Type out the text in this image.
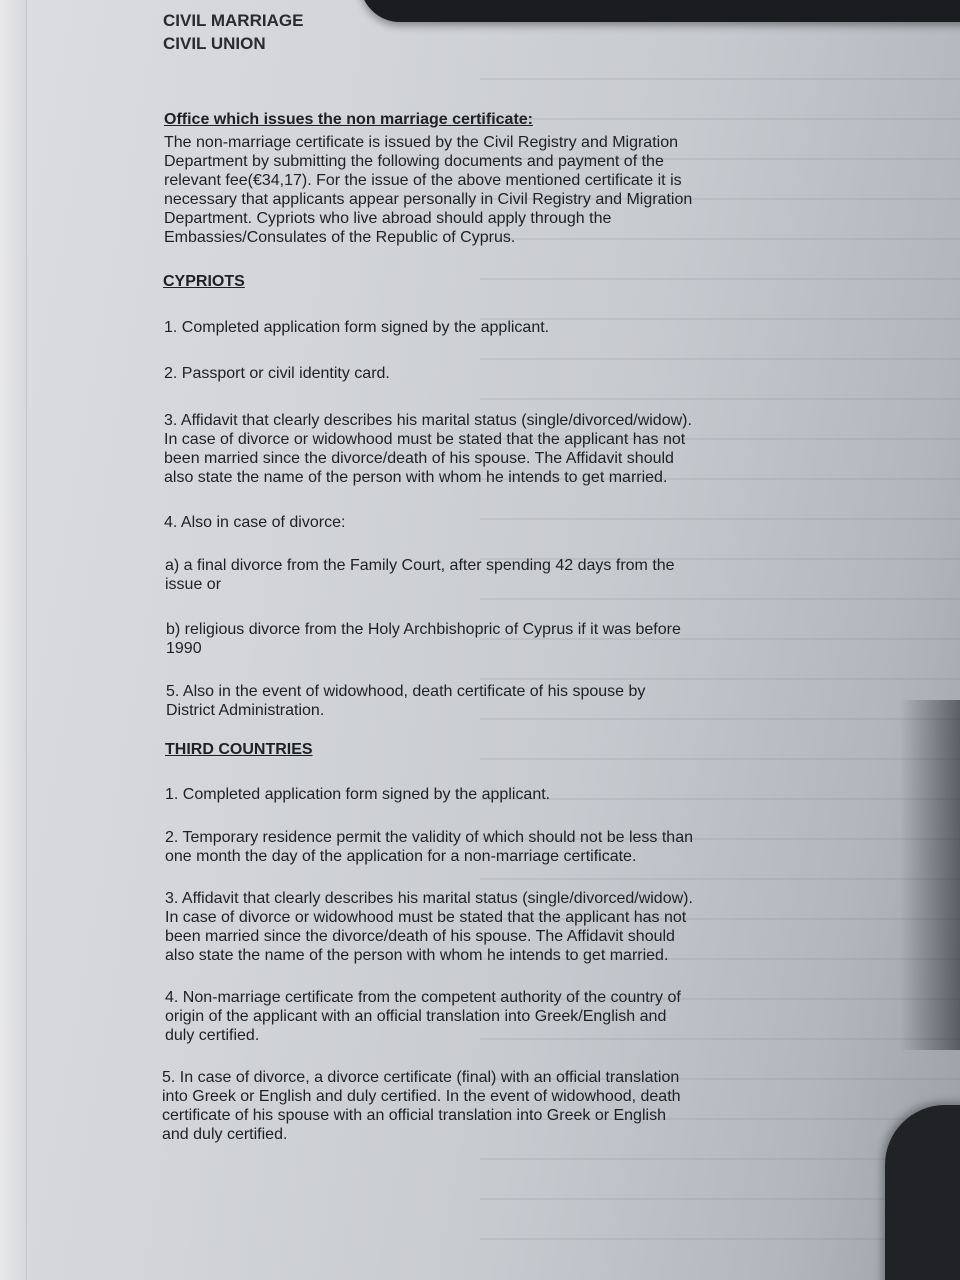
CIVIL MARRIAGE
CIVIL UNION
Office which issues the non marriage certificate:
The non-marriage certificate is issued by the Civil Registry and Migration
Department by submitting the following documents and payment of the
relevant fee(€34,17). For the issue of the above mentioned certificate it is
necessary that applicants appear personally in Civil Registry and Migration
Department. Cypriots who live abroad should apply through the
Embassies/Consulates of the Republic of Cyprus.
CYPRIOTS
1. Completed application form signed by the applicant.
2. Passport or civil identity card.
3. Affidavit that clearly describes his marital status (single/divorced/widow).
In case of divorce or widowhood must be stated that the applicant has not
been married since the divorce/death of his spouse. The Affidavit should
also state the name of the person with whom he intends to get married.
4. Also in case of divorce:
a) a final divorce from the Family Court, after spending 42 days from the
issue or
b) religious divorce from the Holy Archbishopric of Cyprus if it was before
1990
5. Also in the event of widowhood, death certificate of his spouse by
District Administration.
THIRD COUNTRIES
1. Completed application form signed by the applicant.
2. Temporary residence permit the validity of which should not be less than
one month the day of the application for a non-marriage certificate.
3. Affidavit that clearly describes his marital status (single/divorced/widow).
In case of divorce or widowhood must be stated that the applicant has not
been married since the divorce/death of his spouse. The Affidavit should
also state the name of the person with whom he intends to get married.
4. Non-marriage certificate from the competent authority of the country of
origin of the applicant with an official translation into Greek/English and
duly certified.
5. In case of divorce, a divorce certificate (final) with an official translation
into Greek or English and duly certified. In the event of widowhood, death
certificate of his spouse with an official translation into Greek or English
and duly certified.
